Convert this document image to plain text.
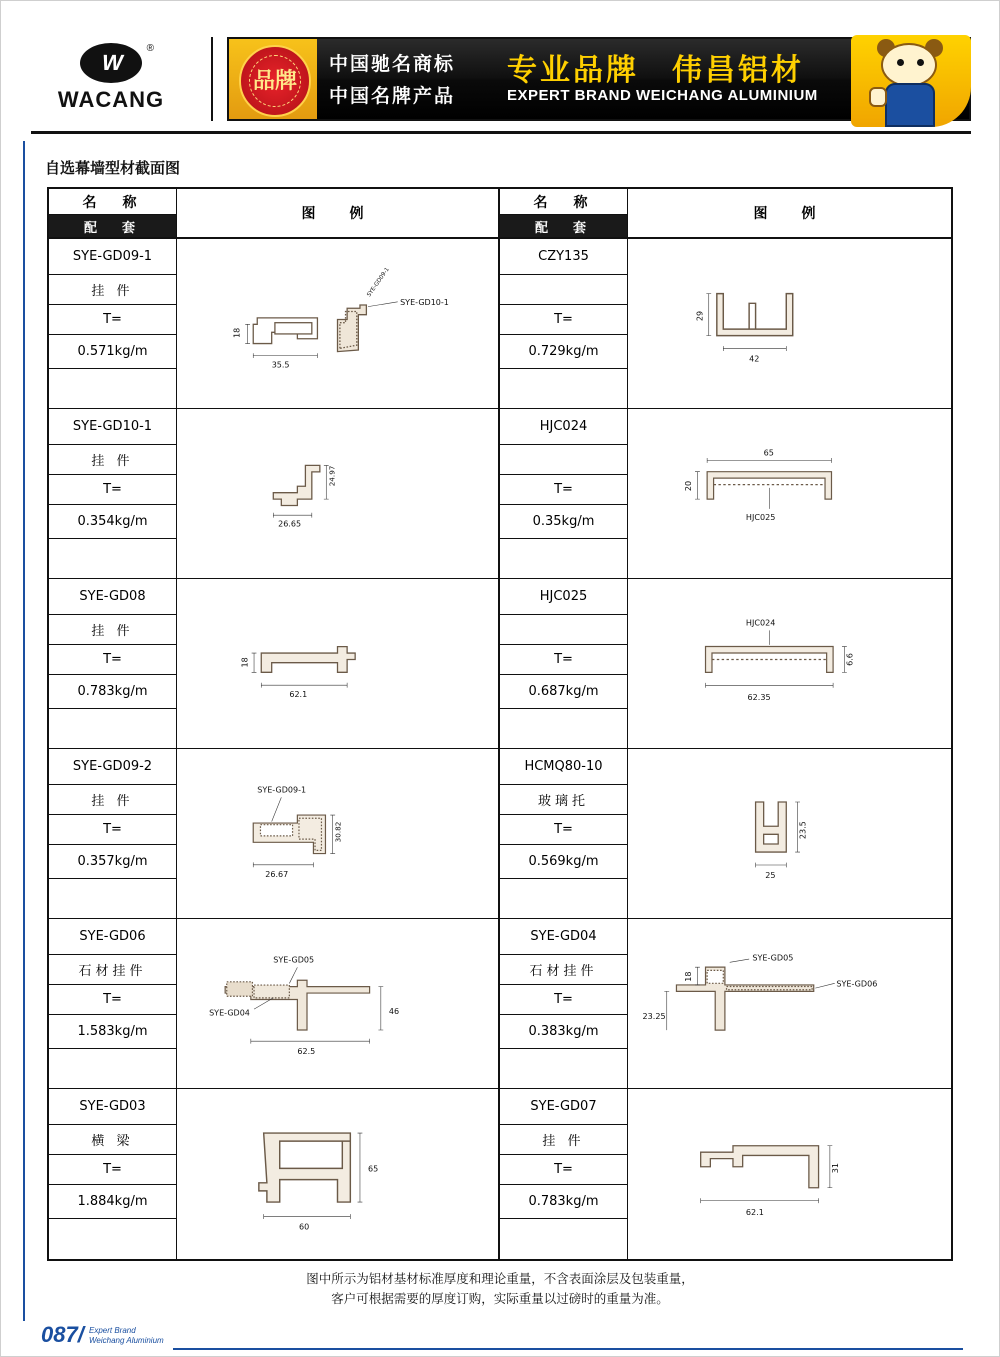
W
®
WACANG
品牌
中国驰名商标
中国名牌产品
专业品牌　伟昌铝材
EXPERT BRAND WEICHANG ALUMINIUM
自选幕墙型材截面图
名　称
配　套
图　例
SYE-GD09-1
挂 件
T=
0.571kg/m
18
35.5
SYE-GD09-1
SYE-GD10-1
SYE-GD10-1
挂 件
T=
0.354kg/m
24.97
26.65
SYE-GD08
挂 件
T=
0.783kg/m
18
62.1
SYE-GD09-2
挂 件
T=
0.357kg/m
30.82
26.67
SYE-GD09-1
SYE-GD06
石材挂件
T=
1.583kg/m
46
62.5
SYE-GD05
SYE-GD04
SYE-GD03
横 梁
T=
1.884kg/m
65
60
名　称
配　套
图　例
CZY135
T=
0.729kg/m
29
42
HJC024
T=
0.35kg/m
65
20
HJC025
HJC025
T=
0.687kg/m
6.6
62.35
HJC024
HCMQ80-10
玻璃托
T=
0.569kg/m
23.5
25
SYE-GD04
石材挂件
T=
0.383kg/m
18
23.25
SYE-GD05
SYE-GD06
SYE-GD07
挂 件
T=
0.783kg/m
31
62.1
图中所示为铝材基材标准厚度和理论重量，不含表面涂层及包装重量，
客户可根据需要的厚度订购，实际重量以过磅时的重量为准。
087/ Expert Brand
Weichang Aluminium
